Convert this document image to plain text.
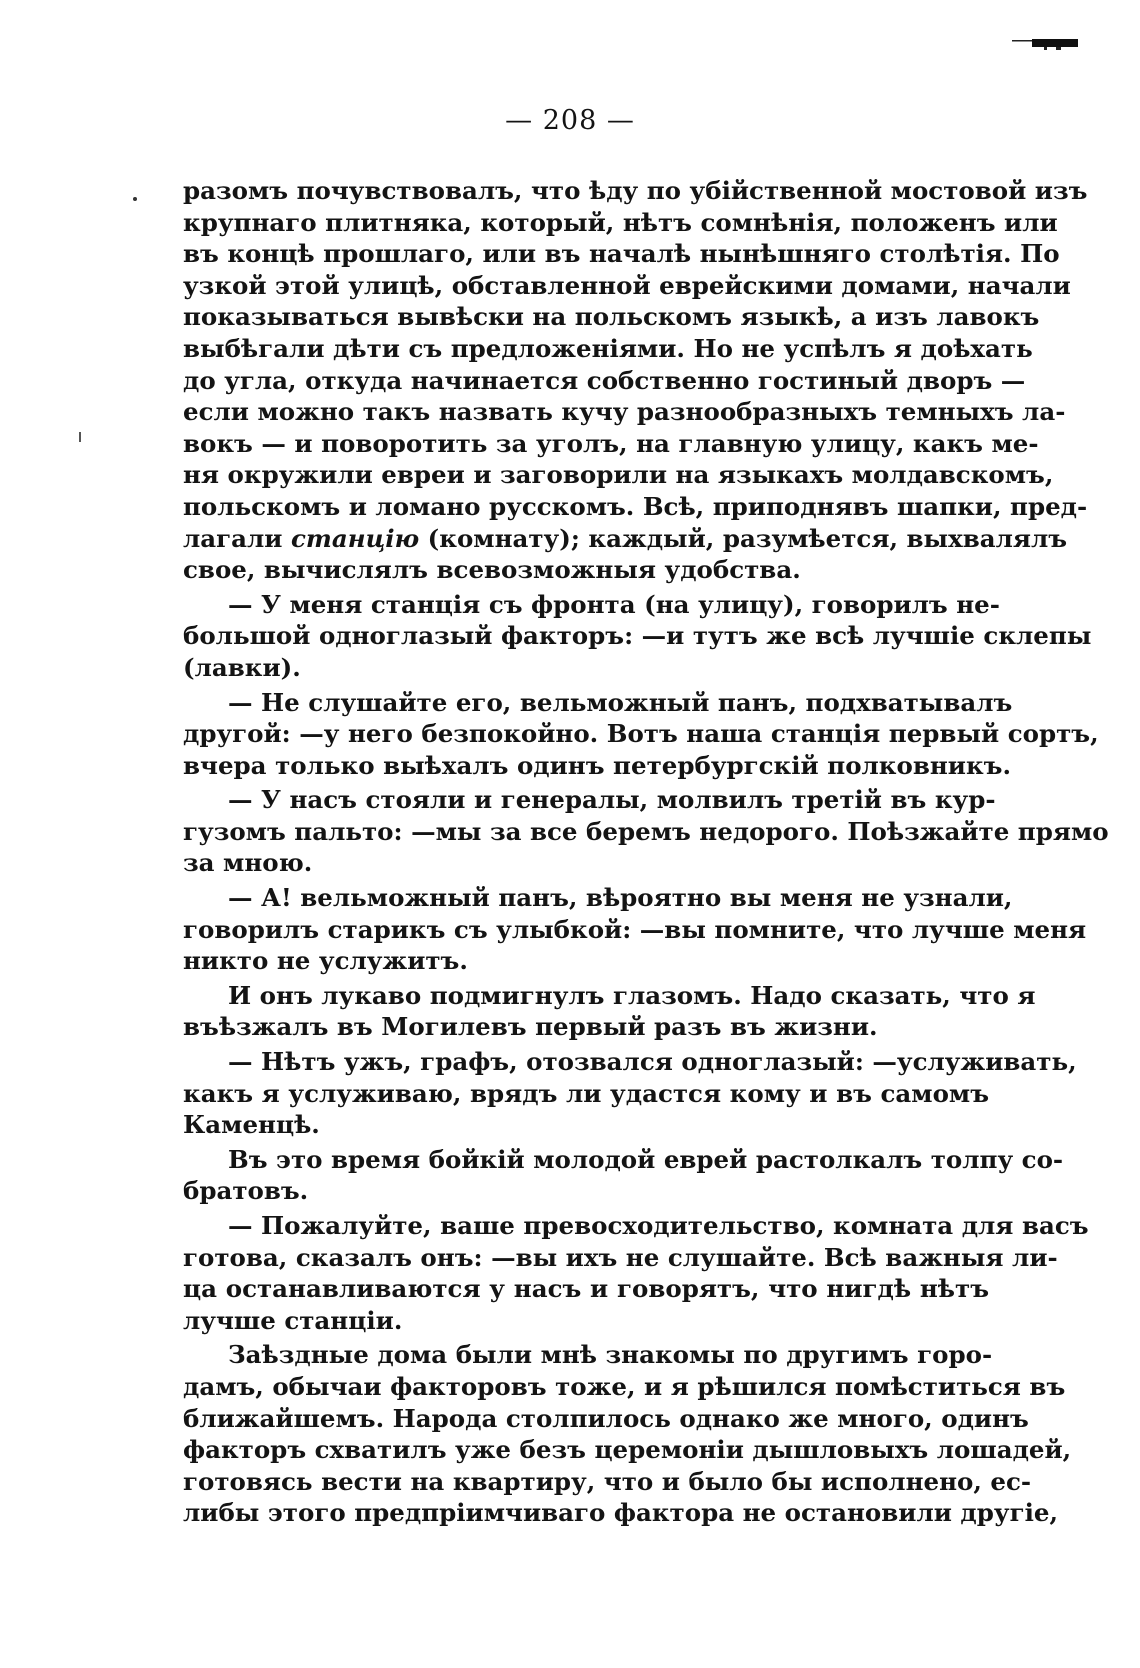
— 208 —
разомъ почувствовалъ, что ѣду по убійственной мостовой изъ
крупнаго плитняка, который, нѣтъ сомнѣнія, положенъ или
въ концѣ прошлаго, или въ началѣ нынѣшняго столѣтія. По
узкой этой улицѣ, обставленной еврейскими домами, начали
показываться вывѣски на польскомъ языкѣ, а изъ лавокъ
выбѣгали дѣти съ предложеніями. Но не успѣлъ я доѣхать
до угла, откуда начинается собственно гостиный дворъ —
если можно такъ назвать кучу разнообразныхъ темныхъ ла-
вокъ — и поворотить за уголъ, на главную улицу, какъ ме-
ня окружили евреи и заговорили на языкахъ молдавскомъ,
польскомъ и ломано русскомъ. Всѣ, приподнявъ шапки, пред-
лагали станцію (комнату); каждый, разумѣется, выхвалялъ
свое, вычислялъ всевозможныя удобства.
— У меня станція съ фронта (на улицу), говорилъ не-
большой одноглазый факторъ: —и тутъ же всѣ лучшіе склепы
(лавки).
— Не слушайте его, вельможный панъ, подхватывалъ
другой: —у него безпокойно. Вотъ наша станція первый сортъ,
вчера только выѣхалъ одинъ петербургскій полковникъ.
— У насъ стояли и генералы, молвилъ третій въ кур-
гузомъ пальто: —мы за все беремъ недорого. Поѣзжайте прямо
за мною.
— А! вельможный панъ, вѣроятно вы меня не узнали,
говорилъ старикъ съ улыбкой: —вы помните, что лучше меня
никто не услужитъ.
И онъ лукаво подмигнулъ глазомъ. Надо сказать, что я
въѣзжалъ въ Могилевъ первый разъ въ жизни.
— Нѣтъ ужъ, графъ, отозвался одноглазый: —услуживать,
какъ я услуживаю, врядъ ли удастся кому и въ самомъ
Каменцѣ.
Въ это время бойкій молодой еврей растолкалъ толпу со-
братовъ.
— Пожалуйте, ваше превосходительство, комната для васъ
готова, сказалъ онъ: —вы ихъ не слушайте. Всѣ важныя ли-
ца останавливаются у насъ и говорятъ, что нигдѣ нѣтъ
лучше станціи.
Заѣздные дома были мнѣ знакомы по другимъ горо-
дамъ, обычаи факторовъ тоже, и я рѣшился помѣститься въ
ближайшемъ. Народа столпилось однако же много, одинъ
факторъ схватилъ уже безъ церемоніи дышловыхъ лошадей,
готовясь вести на квартиру, что и было бы исполнено, ес-
либы этого предпріимчиваго фактора не остановили другіе,
